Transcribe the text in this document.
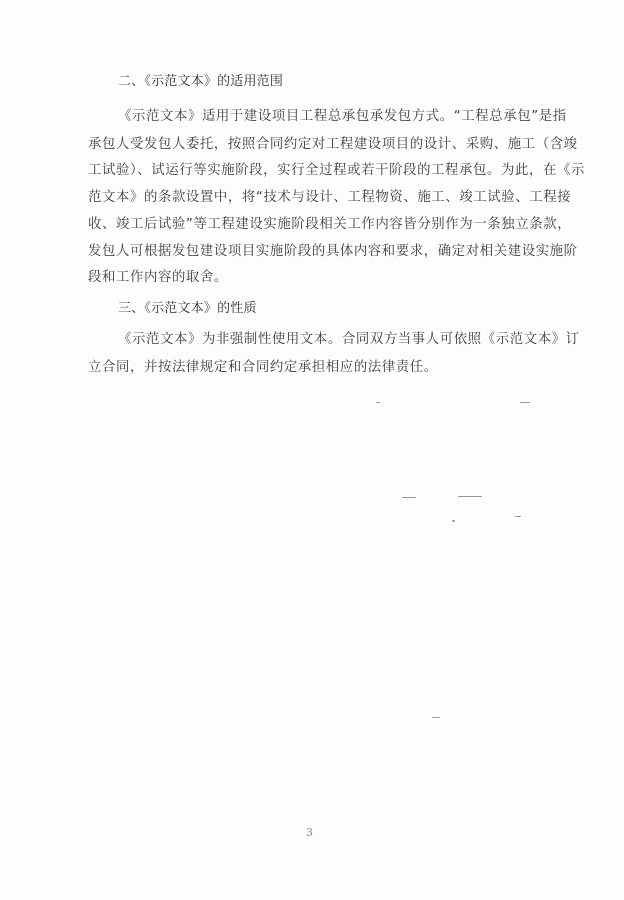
二、《示范文本》的适用范围
《示范文本》适用于建设项目工程总承包承发包方式。“工程总承包”是指
承包人受发包人委托，按照合同约定对工程建设项目的设计、采购、施工（含竣
工试验）、试运行等实施阶段，实行全过程或若干阶段的工程承包。为此，在《示
范文本》的条款设置中，将“技术与设计、工程物资、施工、竣工试验、工程接
收、竣工后试验”等工程建设实施阶段相关工作内容皆分别作为一条独立条款，
发包人可根据发包建设项目实施阶段的具体内容和要求，确定对相关建设实施阶
段和工作内容的取舍。
三、《示范文本》的性质
《示范文本》为非强制性使用文本。合同双方当事人可依照《示范文本》订
立合同，并按法律规定和合同约定承担相应的法律责任。
3
